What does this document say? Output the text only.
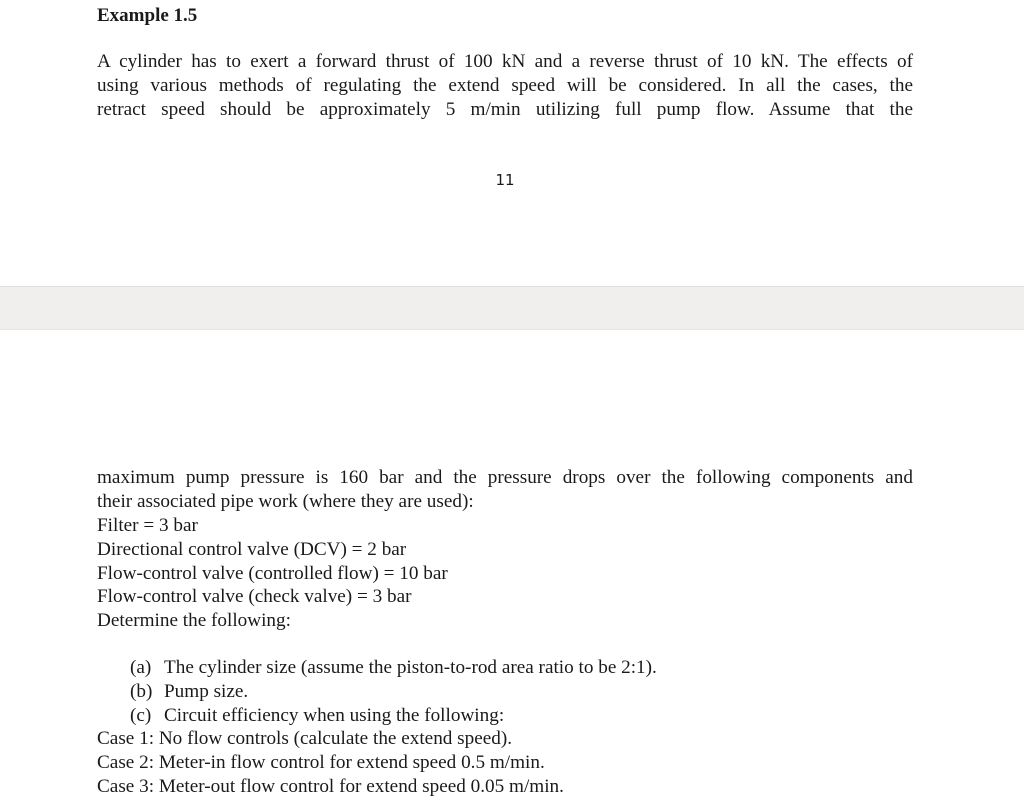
Example 1.5

A cylinder has to exert a forward thrust of 100 kN and a reverse thrust of 10 kN. The effects of
using various methods of regulating the extend speed will be considered. In all the cases, the
retract speed should be approximately 5 m/min utilizing full pump flow. Assume that the

11

maximum pump pressure is 160 bar and the pressure drops over the following components and
their associated pipe work (where they are used):

Filter = 3 bar

Directional control valve (DCV) = 2 bar

Flow-control valve (controlled flow) = 10 bar

Flow-control valve (check valve) = 3 bar

Determine the following:

(a) The cylinder size (assume the piston-to-rod area ratio to be 2:1).

(b) Pump size.

(c) Circuit efficiency when using the following:

Case 1: No flow controls (calculate the extend speed).

Case 2: Meter-in flow control for extend speed 0.5 m/min.

Case 3: Meter-out flow control for extend speed 0.05 m/min.
